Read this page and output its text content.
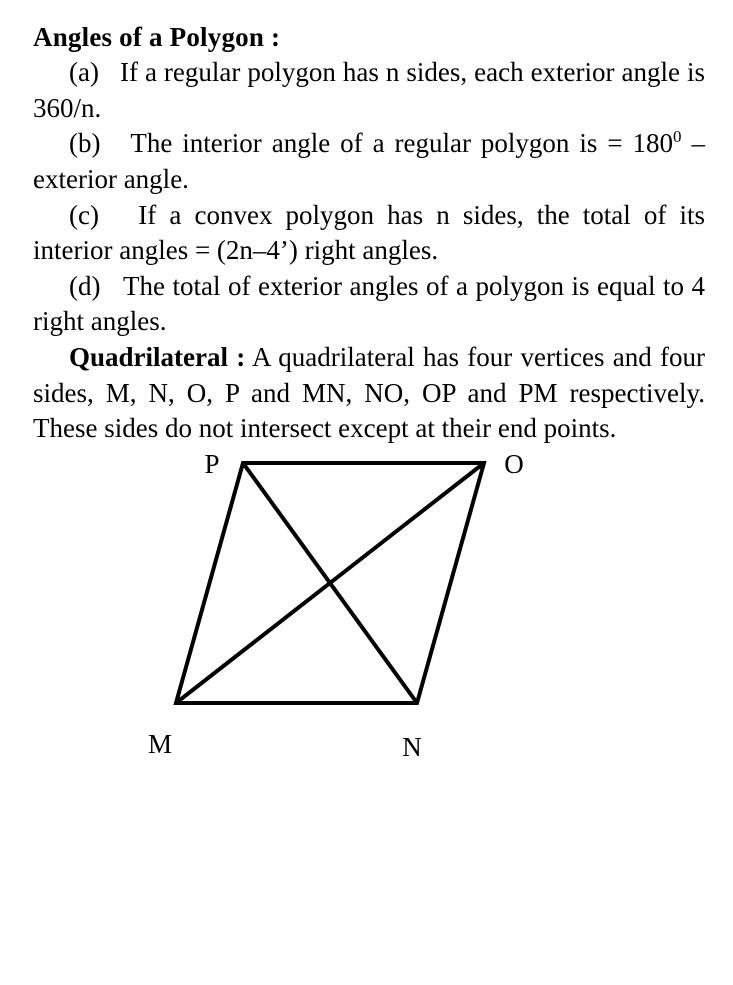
Angles of a Polygon :

(a) If a regular polygon has n sides, each exterior angle is 360/n.

(b) The interior angle of a regular polygon is = $180^0$ – exterior angle.

(c) If a convex polygon has n sides, the total of its interior angles = (2n–4’) right angles.

(d) The total of exterior angles of a polygon is equal to 4 right angles.

Quadrilateral : A quadrilateral has four vertices and four sides, M, N, O, P and MN, NO, OP and PM respectively. These sides do not intersect except at their end points.

P	O
M	N
